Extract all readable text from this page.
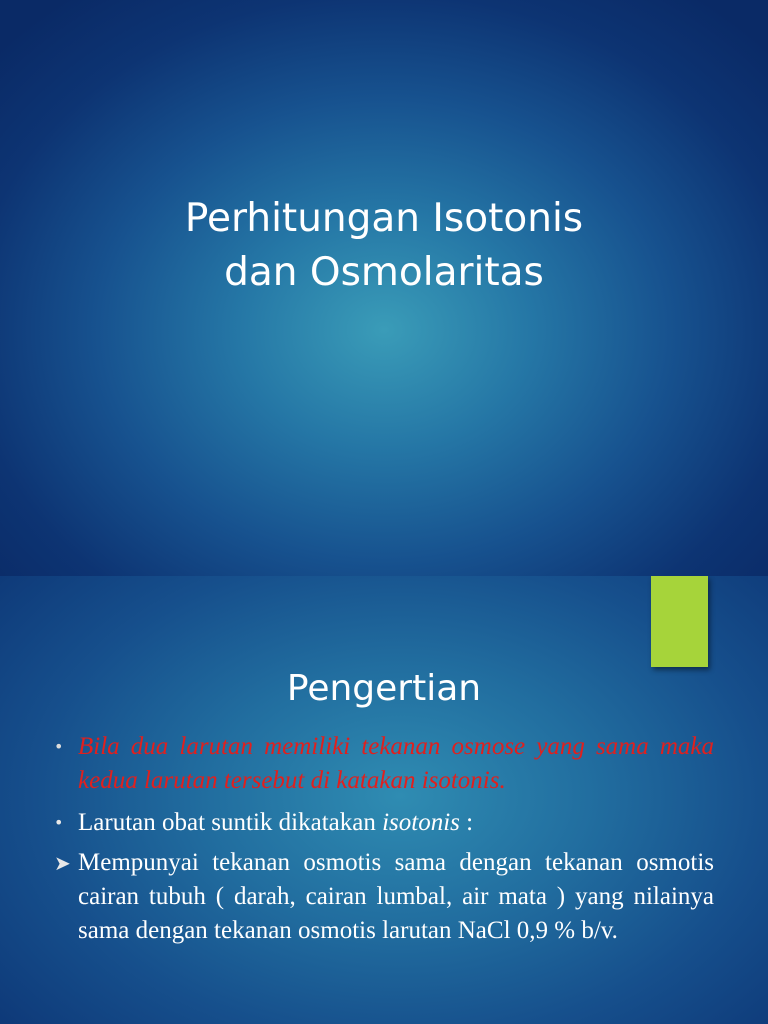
Perhitungan Isotonis
dan Osmolaritas
Pengertian
• Bila dua larutan memiliki tekanan osmose yang sama maka kedua larutan tersebut di katakan isotonis.
• Larutan obat suntik dikatakan isotonis :
➤ Mempunyai tekanan osmotis sama dengan tekanan osmotis cairan tubuh ( darah, cairan lumbal, air mata ) yang nilainya sama dengan tekanan osmotis larutan NaCl 0,9 % b/v.
